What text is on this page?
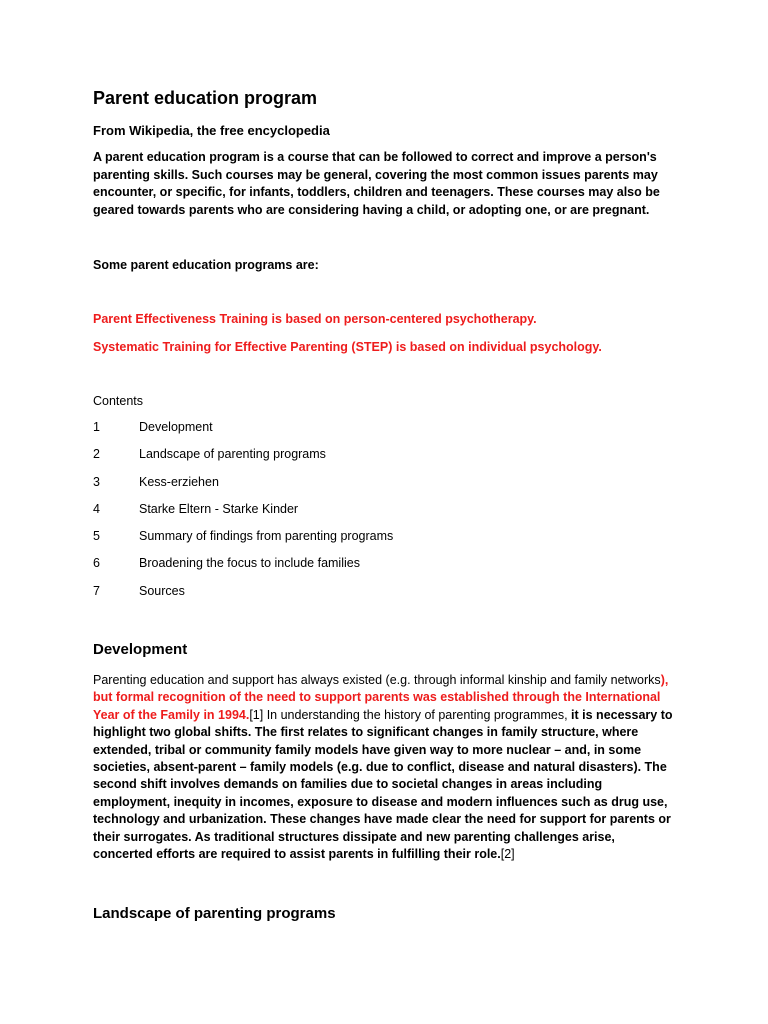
Parent education program

From Wikipedia, the free encyclopedia

A parent education program is a course that can be followed to correct and improve a person's parenting skills. Such courses may be general, covering the most common issues parents may encounter, or specific, for infants, toddlers, children and teenagers. These courses may also be geared towards parents who are considering having a child, or adopting one, or are pregnant.

Some parent education programs are:

Parent Effectiveness Training is based on person-centered psychotherapy.

Systematic Training for Effective Parenting (STEP) is based on individual psychology.

Contents

1	Development
2	Landscape of parenting programs
3	Kess-erziehen
4	Starke Eltern - Starke Kinder
5	Summary of findings from parenting programs
6	Broadening the focus to include families
7	Sources
Development

Parenting education and support has always existed (e.g. through informal kinship and family networks), but formal recognition of the need to support parents was established through the International Year of the Family in 1994.[1] In understanding the history of parenting programmes, it is necessary to highlight two global shifts. The first relates to significant changes in family structure, where extended, tribal or community family models have given way to more nuclear – and, in some societies, absent-parent – family models (e.g. due to conflict, disease and natural disasters). The second shift involves demands on families due to societal changes in areas including employment, inequity in incomes, exposure to disease and modern influences such as drug use, technology and urbanization. These changes have made clear the need for support for parents or their surrogates. As traditional structures dissipate and new parenting challenges arise, concerted efforts are required to assist parents in fulfilling their role.[2]

Landscape of parenting programs
